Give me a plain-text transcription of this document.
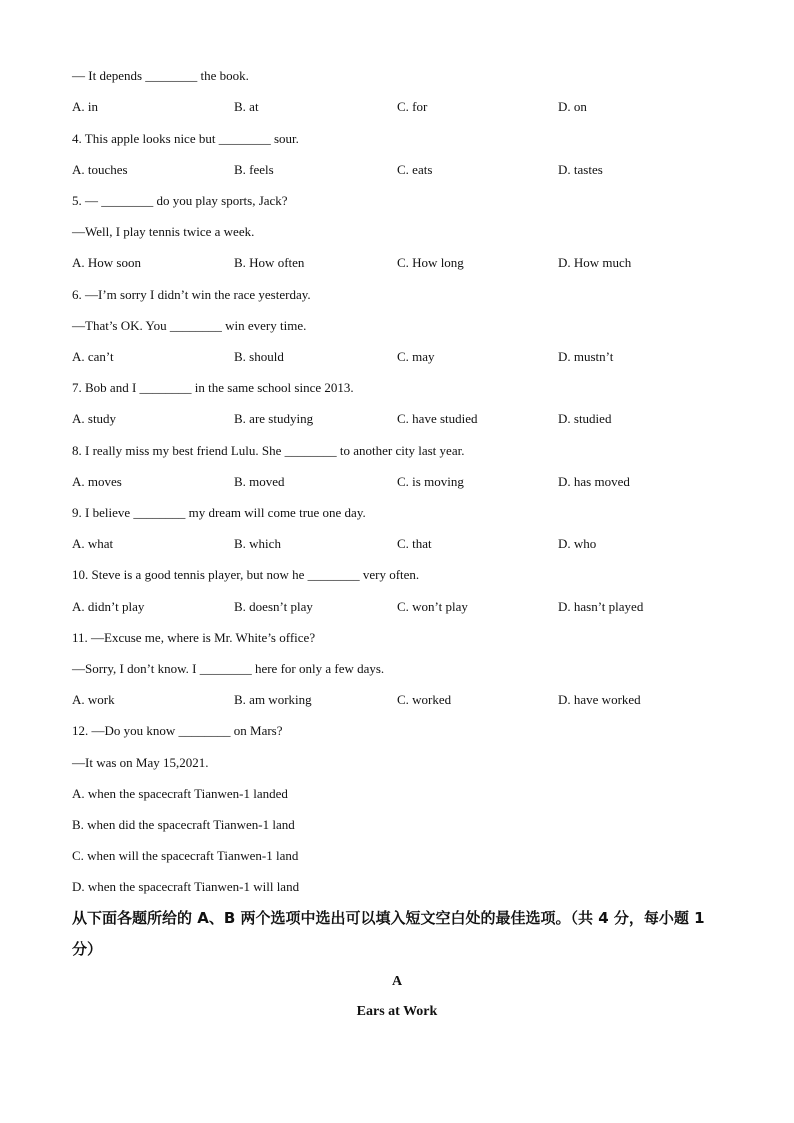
— It depends ________ the book.
A. in	B. at	C. for	D. on
4. This apple looks nice but ________ sour.
A. touches	B. feels	C. eats	D. tastes
5. — ________ do you play sports, Jack?
—Well, I play tennis twice a week.
A. How soon	B. How often	C. How long	D. How much
6. —I’m sorry I didn’t win the race yesterday.
—That’s OK. You ________ win every time.
A. can’t	B. should	C. may	D. mustn’t
7. Bob and I ________ in the same school since 2013.
A. study	B. are studying	C. have studied	D. studied
8. I really miss my best friend Lulu. She ________ to another city last year.
A. moves	B. moved	C. is moving	D. has moved
9. I believe ________ my dream will come true one day.
A. what	B. which	C. that	D. who
10. Steve is a good tennis player, but now he ________ very often.
A. didn’t play	B. doesn’t play	C. won’t play	D. hasn’t played
11. —Excuse me, where is Mr. White’s office?
—Sorry, I don’t know. I ________ here for only a few days.
A. work	B. am working	C. worked	D. have worked
12. —Do you know ________ on Mars?
—It was on May 15,2021.
A. when the spacecraft Tianwen-1 landed
B. when did the spacecraft Tianwen-1 land
C. when will the spacecraft Tianwen-1 land
D. when the spacecraft Tianwen-1 will land
从下面各题所给的 A、B 两个选项中选出可以填入短文空白处的最佳选项。（共 4 分，每小题 1 分）
A
Ears at Work
